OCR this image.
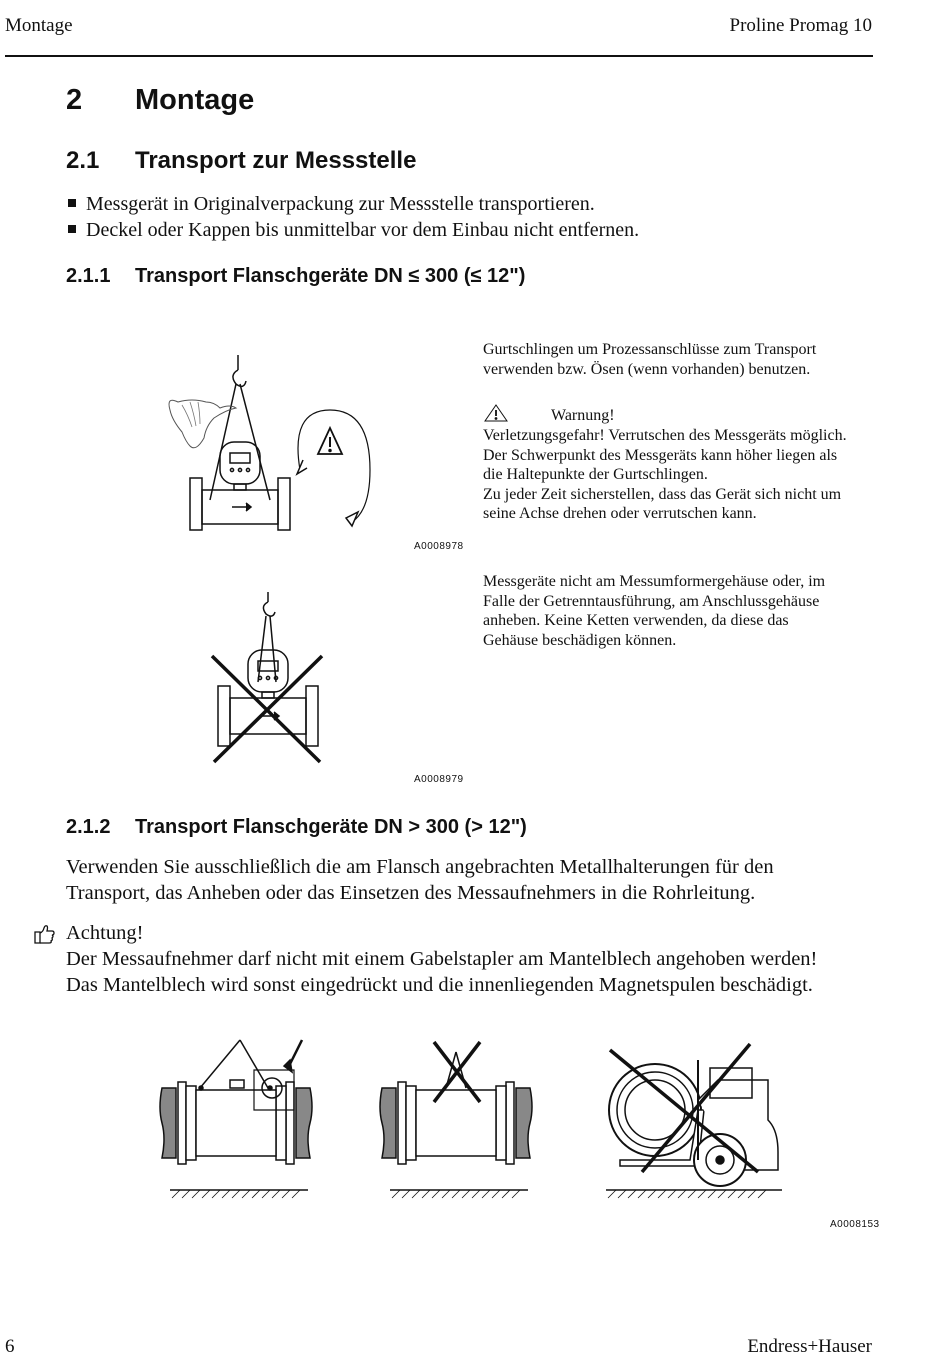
Montage	Proline Promag 10
2 Montage
2.1 Transport zur Messstelle
Messgerät in Originalverpackung zur Messstelle transportieren.
Deckel oder Kappen bis unmittelbar vor dem Einbau nicht entfernen.
2.1.1 Transport Flanschgeräte DN ≤ 300 (≤ 12")
A0008978
Gurtschlingen um Prozessanschlüsse zum Transport
verwenden bzw. Ösen (wenn vorhanden) benutzen.
Warnung!
Verletzungsgefahr! Verrutschen des Messgeräts möglich.
Der Schwerpunkt des Messgeräts kann höher liegen als
die Haltepunkte der Gurtschlingen.
Zu jeder Zeit sicherstellen, dass das Gerät sich nicht um
seine Achse drehen oder verrutschen kann.
A0008979
Messgeräte nicht am Messumformergehäuse oder, im
Falle der Getrenntausführung, am Anschlussgehäuse
anheben. Keine Ketten verwenden, da diese das
Gehäuse beschädigen können.
2.1.2 Transport Flanschgeräte DN > 300 (> 12")
Verwenden Sie ausschließlich die am Flansch angebrachten Metallhalterungen für den
Transport, das Anheben oder das Einsetzen des Messaufnehmers in die Rohrleitung.
Achtung!
Der Messaufnehmer darf nicht mit einem Gabelstapler am Mantelblech angehoben werden!
Das Mantelblech wird sonst eingedrückt und die innenliegenden Magnetspulen beschädigt.
A0008153
6	Endress+Hauser
